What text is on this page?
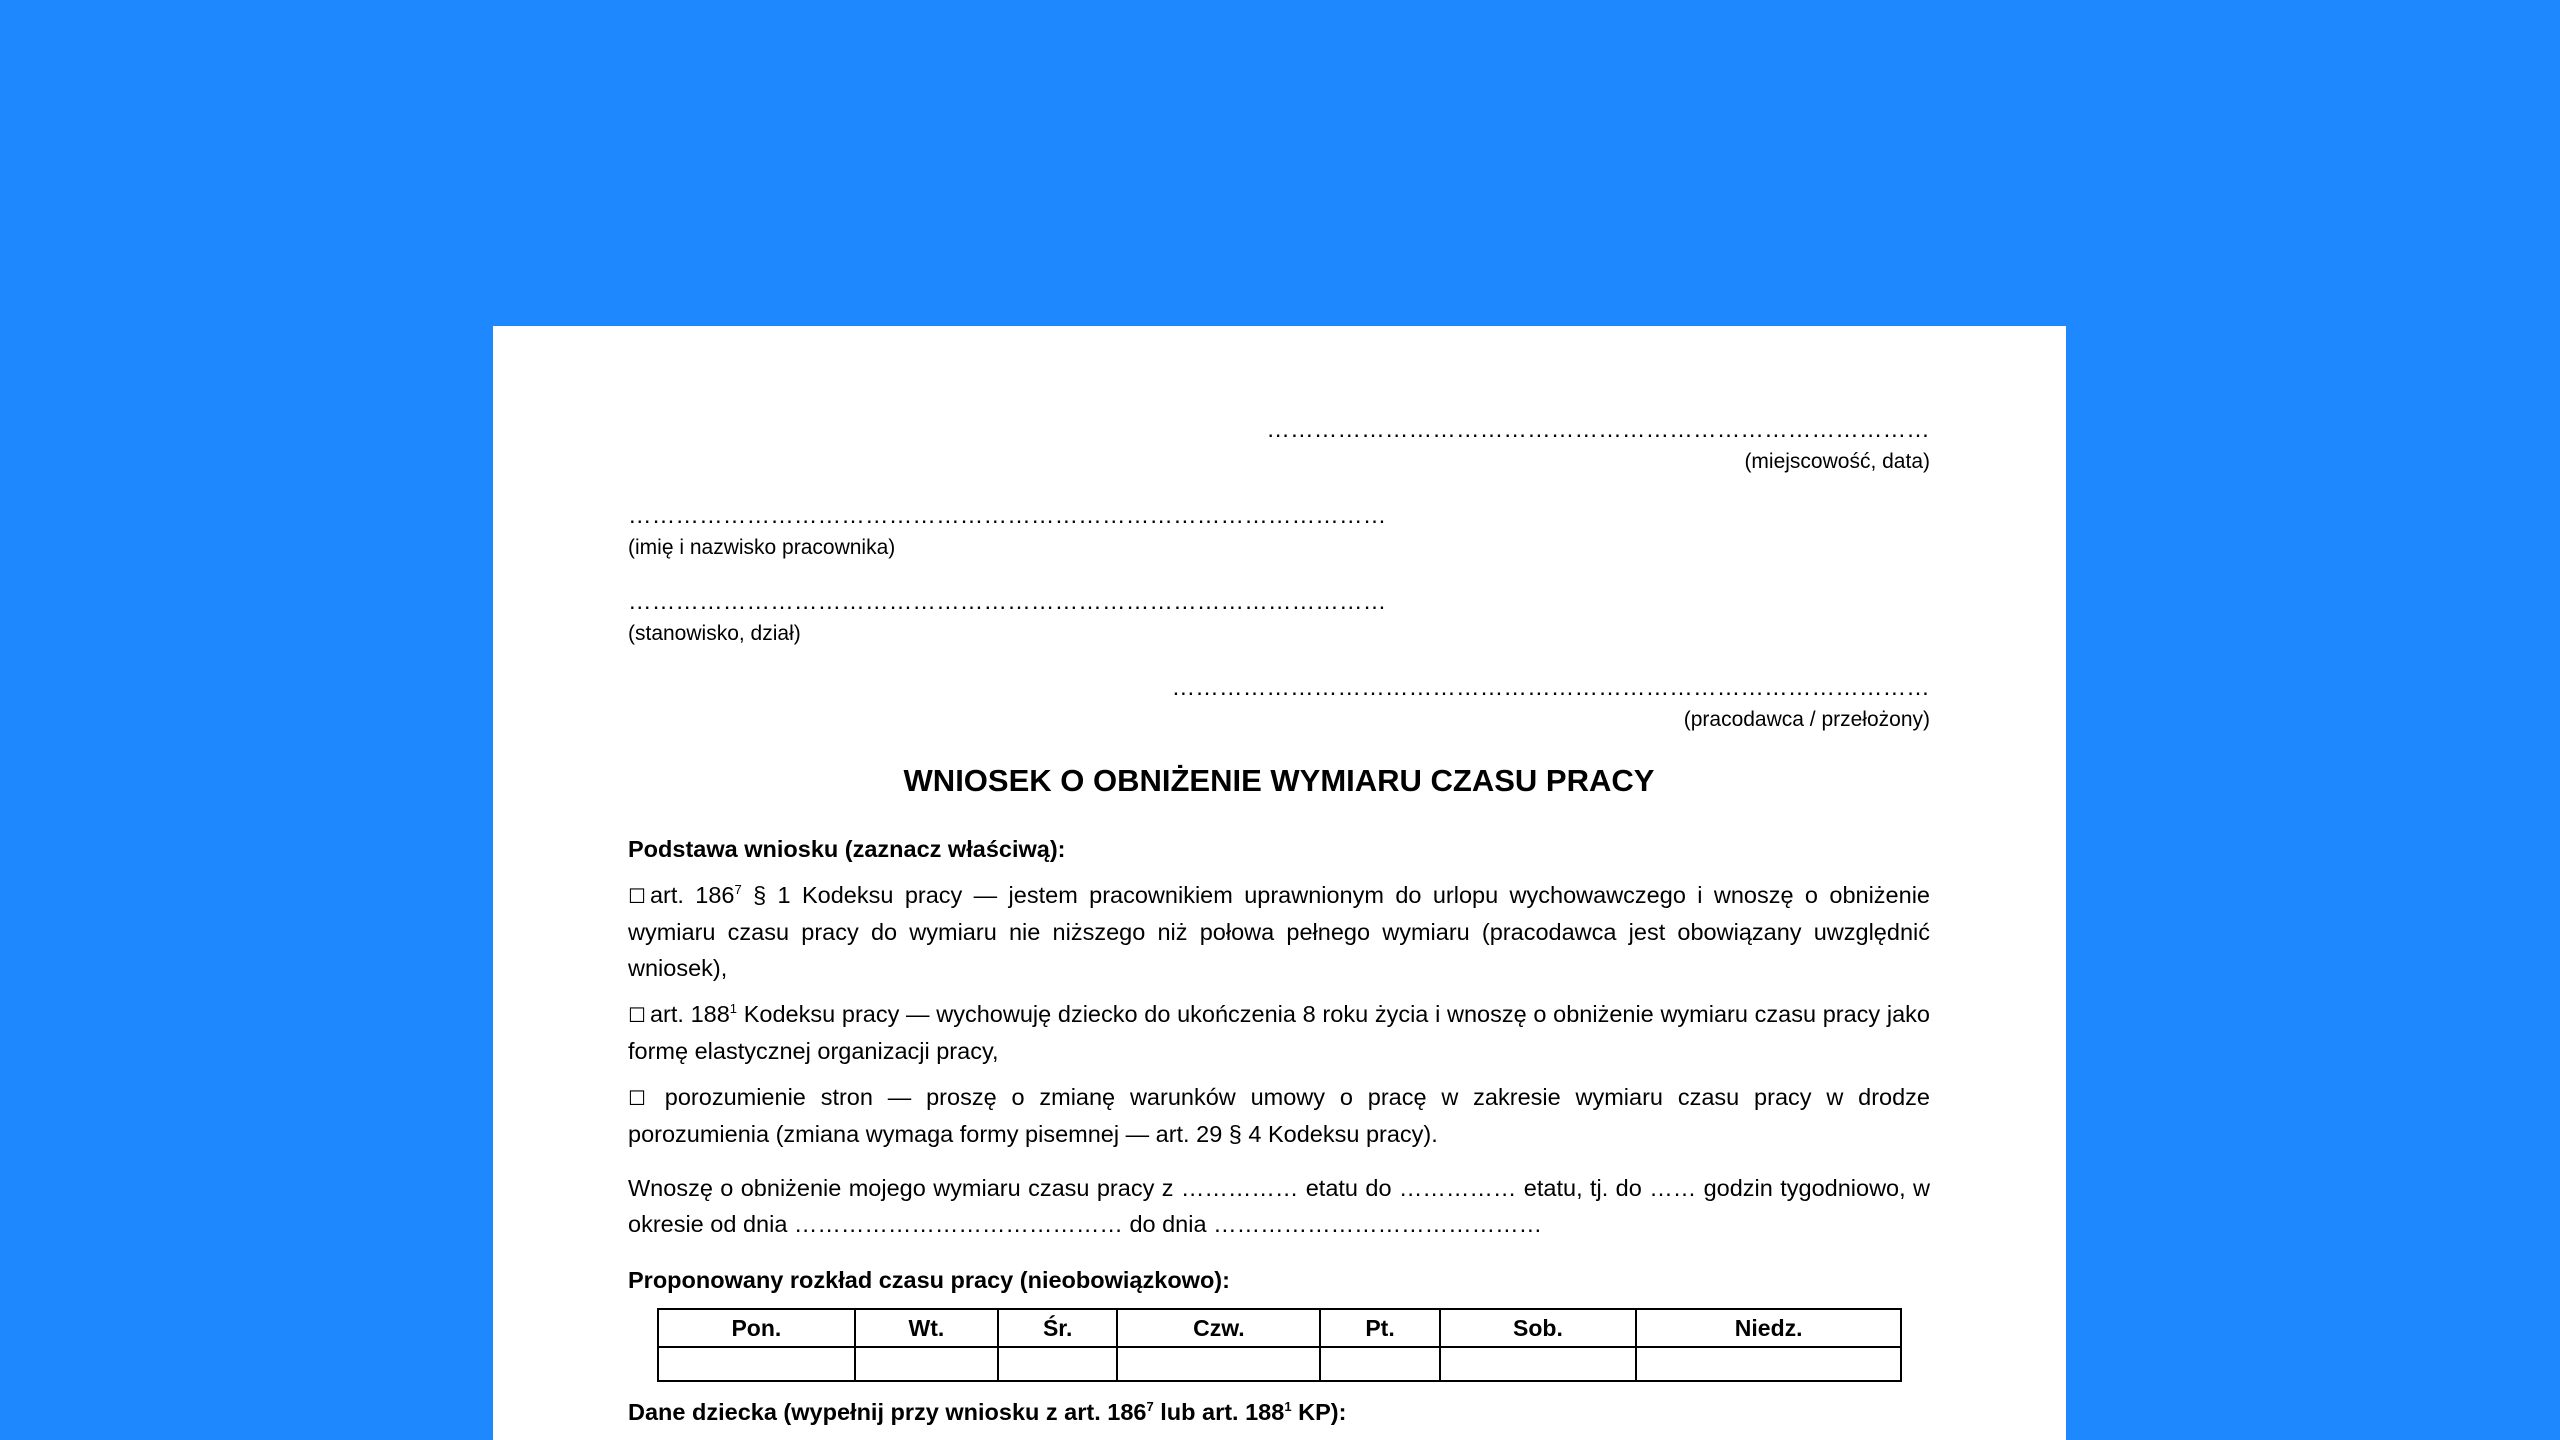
…………………………………………………………………………
(miejscowość, data)
……………………………………………………………………………………
(imię i nazwisko pracownika)
……………………………………………………………………………………
(stanowisko, dział)
……………………………………………………………………………………
(pracodawca / przełożony)
WNIOSEK O OBNIŻENIE WYMIARU CZASU PRACY
Podstawa wniosku (zaznacz właściwą):
☐ art. $186^7$ § 1 Kodeksu pracy — jestem pracownikiem uprawnionym do urlopu wychowawczego i wnoszę o obniżenie wymiaru czasu pracy do wymiaru nie niższego niż połowa pełnego wymiaru (pracodawca jest obowiązany uwzględnić wniosek),
☐ art. $188^1$ Kodeksu pracy — wychowuję dziecko do ukończenia 8 roku życia i wnoszę o obniżenie wymiaru czasu pracy jako formę elastycznej organizacji pracy,
☐ porozumienie stron — proszę o zmianę warunków umowy o pracę w zakresie wymiaru czasu pracy w drodze porozumienia (zmiana wymaga formy pisemnej — art. 29 § 4 Kodeksu pracy).
Wnoszę o obniżenie mojego wymiaru czasu pracy z …………… etatu do …………… etatu, tj. do …… godzin tygodniowo, w okresie od dnia …………………………………… do dnia ……………………………………
Proponowany rozkład czasu pracy (nieobowiązkowo):
Pon.	Wt.	Śr.	Czw.	Pt.	Sob.	Niedz.

Dane dziecka (wypełnij przy wniosku z art. $186^7$ lub art. $188^1$ KP):
